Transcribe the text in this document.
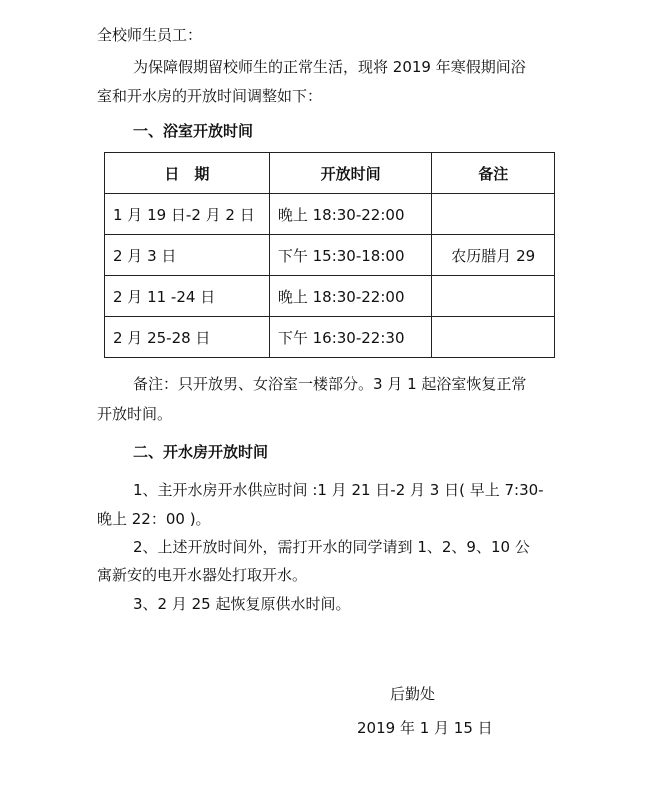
全校师生员工：
为保障假期留校师生的正常生活，现将 2019 年寒假期间浴
室和开水房的开放时间调整如下：
一、浴室开放时间
日　期	开放时间	备注
1 月 19 日-2 月 2 日	晚上 18:30-22:00	
2 月 3 日	下午 15:30-18:00	农历腊月 29
2 月 11 -24 日	晚上 18:30-22:00	
2 月 25-28 日	下午 16:30-22:30	
备注：只开放男、女浴室一楼部分。3 月 1 起浴室恢复正常
开放时间。
二、开水房开放时间
1、主开水房开水供应时间 :1 月 21 日-2 月 3 日( 早上 7:30-
晚上 22：00 )。
2、上述开放时间外，需打开水的同学请到 1、2、9、10 公
寓新安的电开水器处打取开水。
3、2 月 25 起恢复原供水时间。
后勤处
2019 年 1 月 15 日
